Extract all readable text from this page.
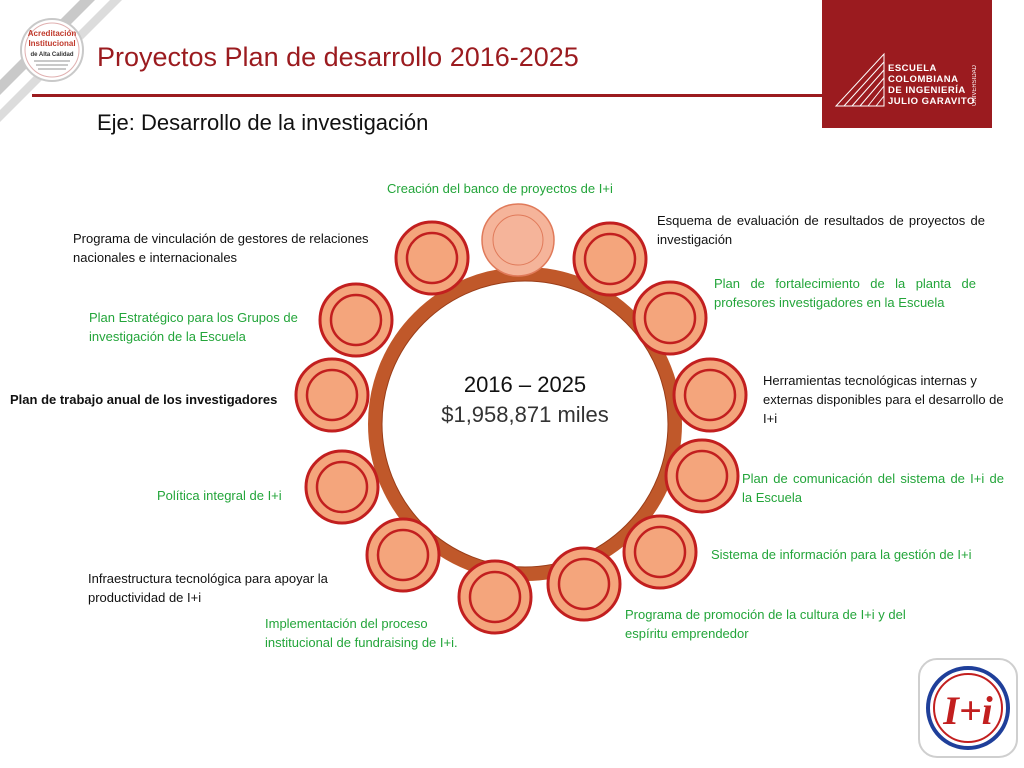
Acreditación
Institucional
de Alta Calidad Proyectos Plan de desarrollo 2016-2025
Eje: Desarrollo de la investigación
ESCUELA
COLOMBIANA
DE INGENIERÍA
JULIO GARAVITO
UNIVERSIDAD
2016 – 2025
$1,958,871 miles
Creación del banco de proyectos de I+i
Esquema de evaluación de resultados de proyectos de investigación
Plan de fortalecimiento de la planta de profesores investigadores en la Escuela
Herramientas tecnológicas internas y externas disponibles para el desarrollo de I+i
Plan de comunicación del sistema de I+i de la Escuela
Sistema de información para la gestión de I+i
Programa de promoción de la cultura de I+i y del espíritu emprendedor
Implementación del proceso institucional de fundraising de I+i.
Infraestructura tecnológica para apoyar la productividad de I+i
Política integral de I+i
Plan de trabajo anual de los investigadores
Plan Estratégico para los Grupos de investigación de la Escuela
Programa de vinculación de gestores de relaciones nacionales e internacionales
I+i
